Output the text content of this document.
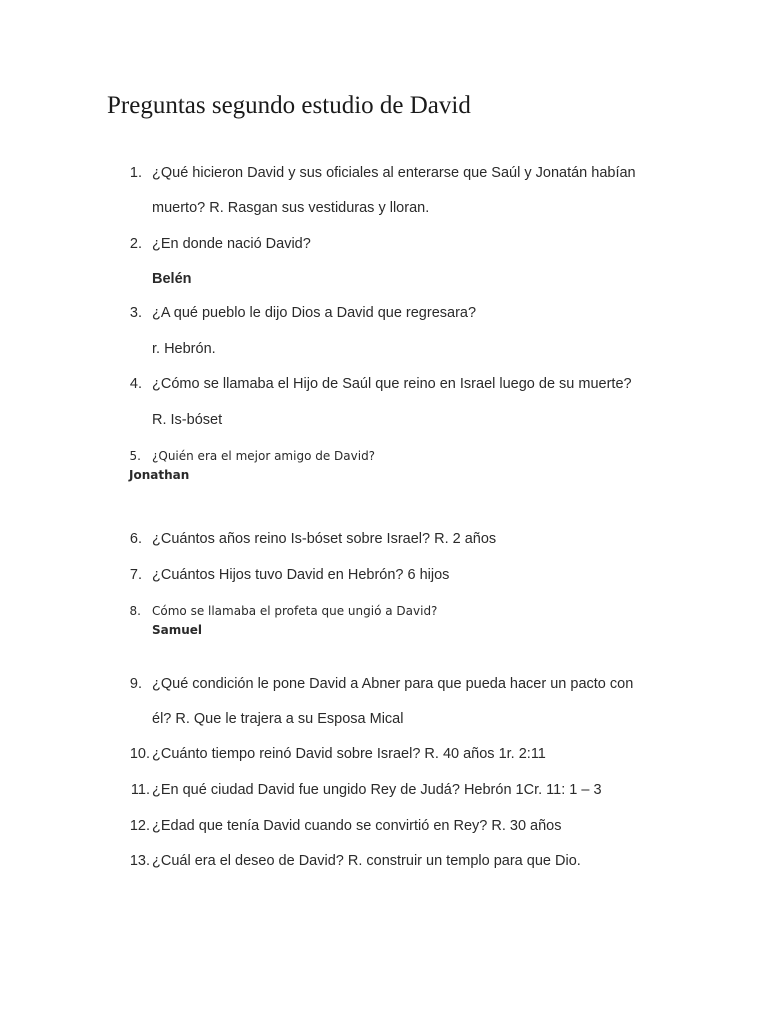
Preguntas segundo estudio de David
1. ¿Qué hicieron David y sus oficiales al enterarse que Saúl y Jonatán habían
muerto? R. Rasgan sus vestiduras y lloran.
2. ¿En donde nació David?
Belén
3. ¿A qué pueblo le dijo Dios a David que regresara?
r. Hebrón.
4. ¿Cómo se llamaba el Hijo de Saúl que reino en Israel luego de su muerte?
R. Is-bóset
5. ¿Quién era el mejor amigo de David?
Jonathan
6. ¿Cuántos años reino Is-bóset sobre Israel? R. 2 años
7. ¿Cuántos Hijos tuvo David en Hebrón? 6 hijos
8. Cómo se llamaba el profeta que ungió a David?
Samuel
9. ¿Qué condición le pone David a Abner para que pueda hacer un pacto con
él? R. Que le trajera a su Esposa Mical
10. ¿Cuánto tiempo reinó David sobre Israel? R. 40 años 1r. 2:11
11. ¿En qué ciudad David fue ungido Rey de Judá? Hebrón 1Cr. 11: 1 – 3
12. ¿Edad que tenía David cuando se convirtió en Rey? R. 30 años
13. ¿Cuál era el deseo de David? R. construir un templo para que Dio.
